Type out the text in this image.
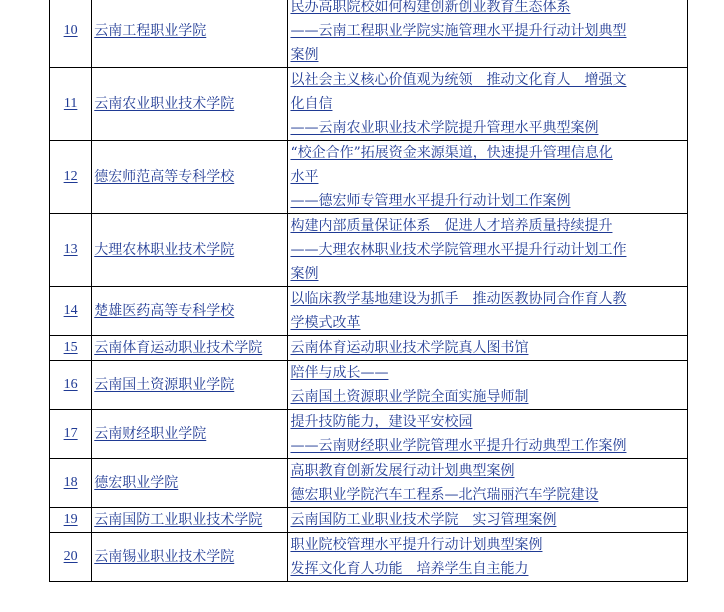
10	云南工程职业学院	民办高职院校如何构建创新创业教育生态体系
——云南工程职业学院实施管理水平提升行动计划典型
案例

11	云南农业职业技术学院	以社会主义核心价值观为统领　推动文化育人　增强文
化自信
——云南农业职业技术学院提升管理水平典型案例

12	德宏师范高等专科学校	“校企合作”拓展资金来源渠道，快速提升管理信息化
水平
——德宏师专管理水平提升行动计划工作案例

13	大理农林职业技术学院	构建内部质量保证体系　促进人才培养质量持续提升
——大理农林职业技术学院管理水平提升行动计划工作
案例

14	楚雄医药高等专科学校	以临床教学基地建设为抓手　推动医教协同合作育人教
学模式改革

15	云南体育运动职业技术学院	云南体育运动职业技术学院真人图书馆

16	云南国土资源职业学院	陪伴与成长——
云南国土资源职业学院全面实施导师制

17	云南财经职业学院	提升技防能力，建设平安校园
——云南财经职业学院管理水平提升行动典型工作案例

18	德宏职业学院	高职教育创新发展行动计划典型案例
德宏职业学院汽车工程系—北汽瑞丽汽车学院建设

19	云南国防工业职业技术学院	云南国防工业职业技术学院　实习管理案例

20	云南锡业职业技术学院	职业院校管理水平提升行动计划典型案例
发挥文化育人功能　培养学生自主能力
